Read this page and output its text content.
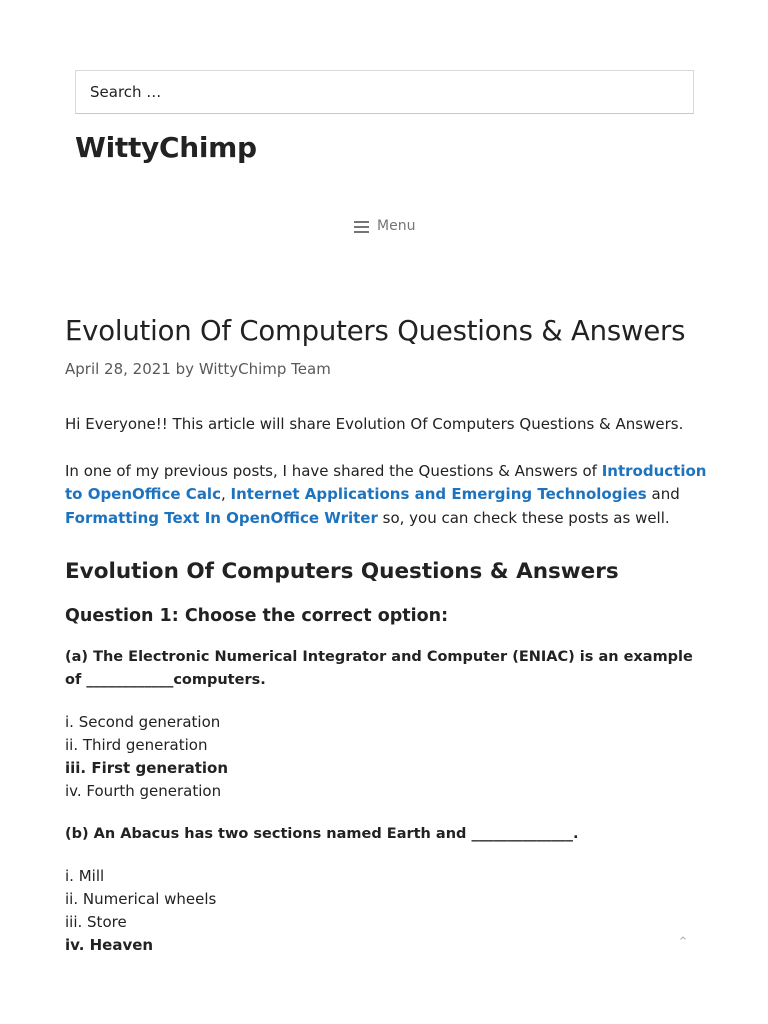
Search …
WittyChimp
Menu
Evolution Of Computers Questions & Answers
April 28, 2021 by WittyChimp Team

Hi Everyone!! This article will share Evolution Of Computers Questions & Answers.

In one of my previous posts, I have shared the Questions & Answers of Introduction to OpenOffice Calc, Internet Applications and Emerging Technologies and Formatting Text In OpenOffice Writer so, you can check these posts as well.

Evolution Of Computers Questions & Answers
Question 1: Choose the correct option:

(a) The Electronic Numerical Integrator and Computer (ENIAC) is an example of ____________computers.

i. Second generation
ii. Third generation
iii. First generation
iv. Fourth generation

(b) An Abacus has two sections named Earth and ______________.

i. Mill
ii. Numerical wheels
iii. Store
iv. Heaven	⌃
